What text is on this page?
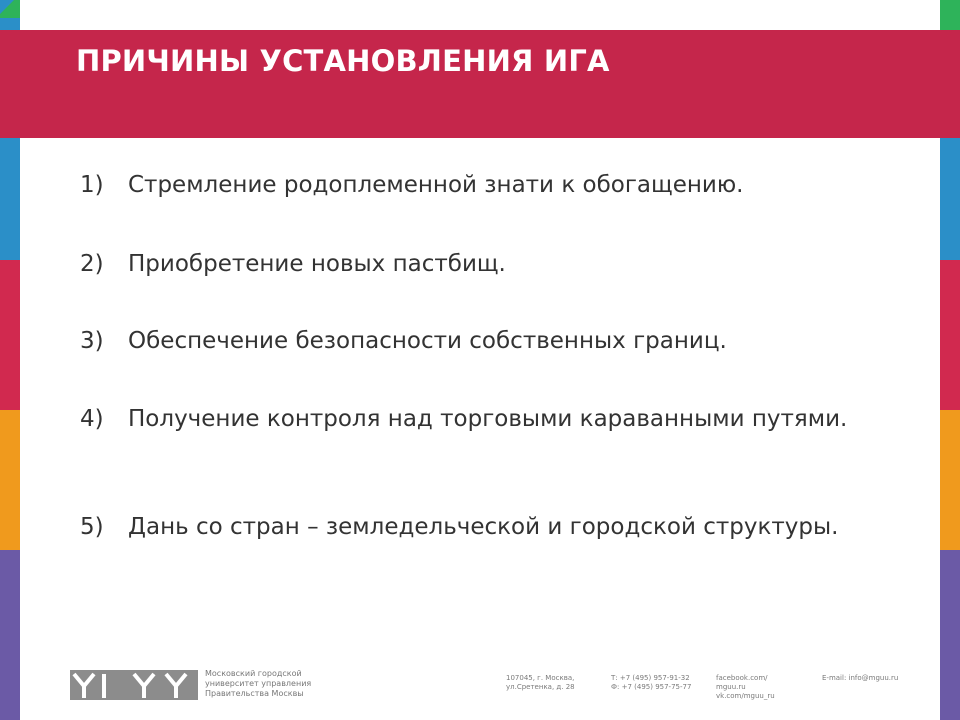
ПРИЧИНЫ УСТАНОВЛЕНИЯ ИГА
1)	Стремление родоплеменной знати к обогащению.
2)	Приобретение новых пастбищ.
3)	Обеспечение безопасности собственных границ.
4)	Получение контроля над торговыми караванными путями.
5)	Дань со стран – земледельческой и городской структуры.
Московский городской
университет управления
Правительства Москвы
107045, г. Москва,
ул.Сретенка, д. 28
Т: +7 (495) 957-91-32
Ф: +7 (495) 957-75-77
facebook.com/
mguu.ru
vk.com/mguu_ru
E-mail: info@mguu.ru
